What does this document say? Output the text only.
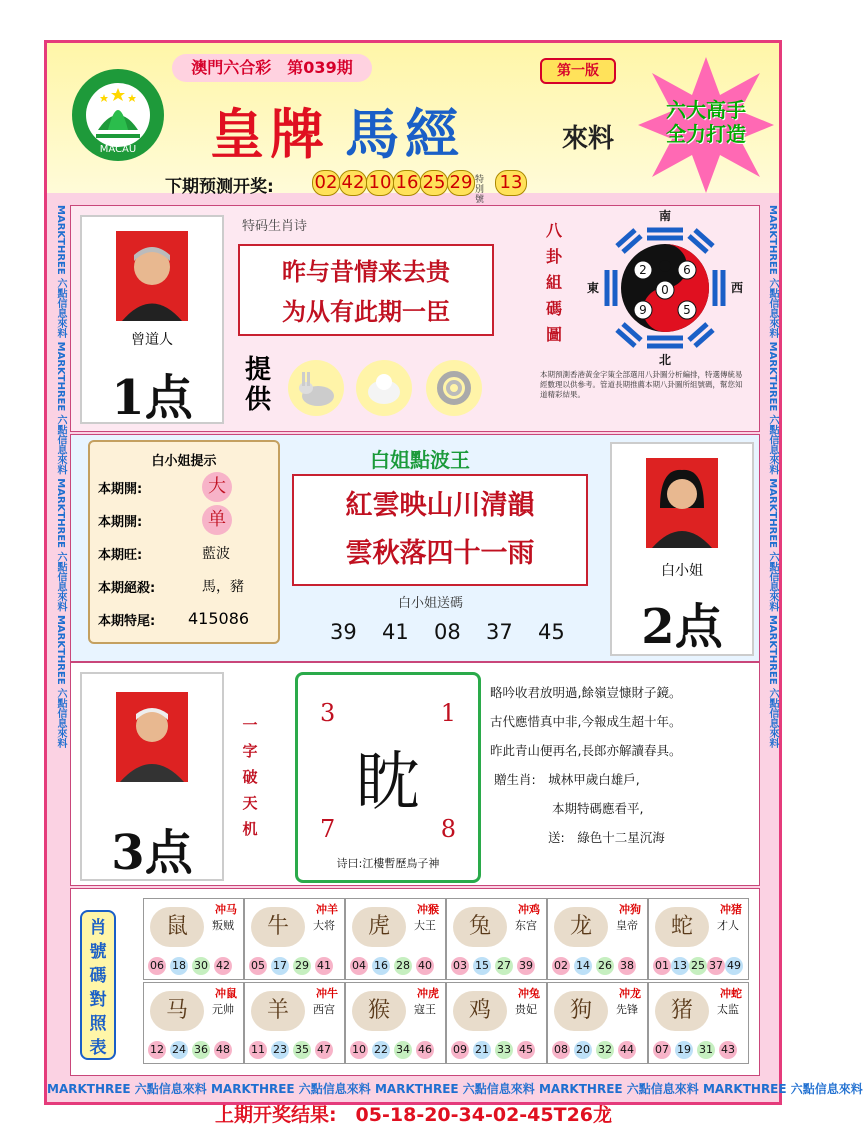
MACAU
澳門六合彩　第039期	第一版
皇牌 馬經	來料
六大高手
全力打造
下期预测开奖: 02 42 10 16 25 29 特別號
13
MARKTHREE 六點信息來料 MARKTHREE 六點信息來料 MARKTHREE 六點信息來料 MARKTHREE 六點信息來料	MARKTHREE 六點信息來料 MARKTHREE 六點信息來料 MARKTHREE 六點信息來料 MARKTHREE 六點信息來料
曾道人
1点
特码生肖诗
昨与昔情来去贵
为从有此期一臣
提供
八
卦
組
碼
圖
2	6
0
9	5
南
北
東	西
本期預測香港黃金字策全部選用八卦圖分析編排，特選傳統易經數理以供參考。管道長期推薦本期八卦圖所組號碼，幫您知道精彩結果。
白小姐提示
本期開:	大
本期開:	单
本期旺:	藍波
本期絕殺:	馬，豬
本期特尾: 415086
白姐點波王
紅雲映山川清韻
雲秋落四十一雨
白小姐送碼
39 41 08 37 45
白小姐
2点
3点
一
字
破
天
机
3	1
眈
7	8
诗曰:江樓暫歷鳥子神
略吟收君放明過,餘嶺豈慷財子鏡。
古代應惜真中非,今報成生超十年。
昨此青山便再名,長郎亦解讀春具。
贈生肖:　城林甲歲白雄戶,
本期特碼應看平,
送:　綠色十二星沉海
肖
號
碼
對
照
表
冲马
鼠	叛贼
06 18 30 42
冲羊
牛	大将
05 17 29 41
冲猴
虎	大王
04 16 28 40
冲鸡
兔	东宫
03 15 27 39
冲狗
龙	皇帝
02 14 26 38
冲猪
蛇	才人
01 13 25 37 49
冲鼠
马	元帅
12 24 36 48
冲牛
羊	西宫
11 23 35 47
冲虎
猴	寇王
10 22 34 46
冲兔
鸡	贵妃
09 21 33 45
冲龙
狗	先锋
08 20 32 44
冲蛇
猪	太监
07 19 31 43
MARKTHREE 六點信息來料 MARKTHREE 六點信息來料 MARKTHREE 六點信息來料 MARKTHREE 六點信息來料 MARKTHREE 六點信息來料
上期开奖结果:　05-18-20-34-02-45T26龙
